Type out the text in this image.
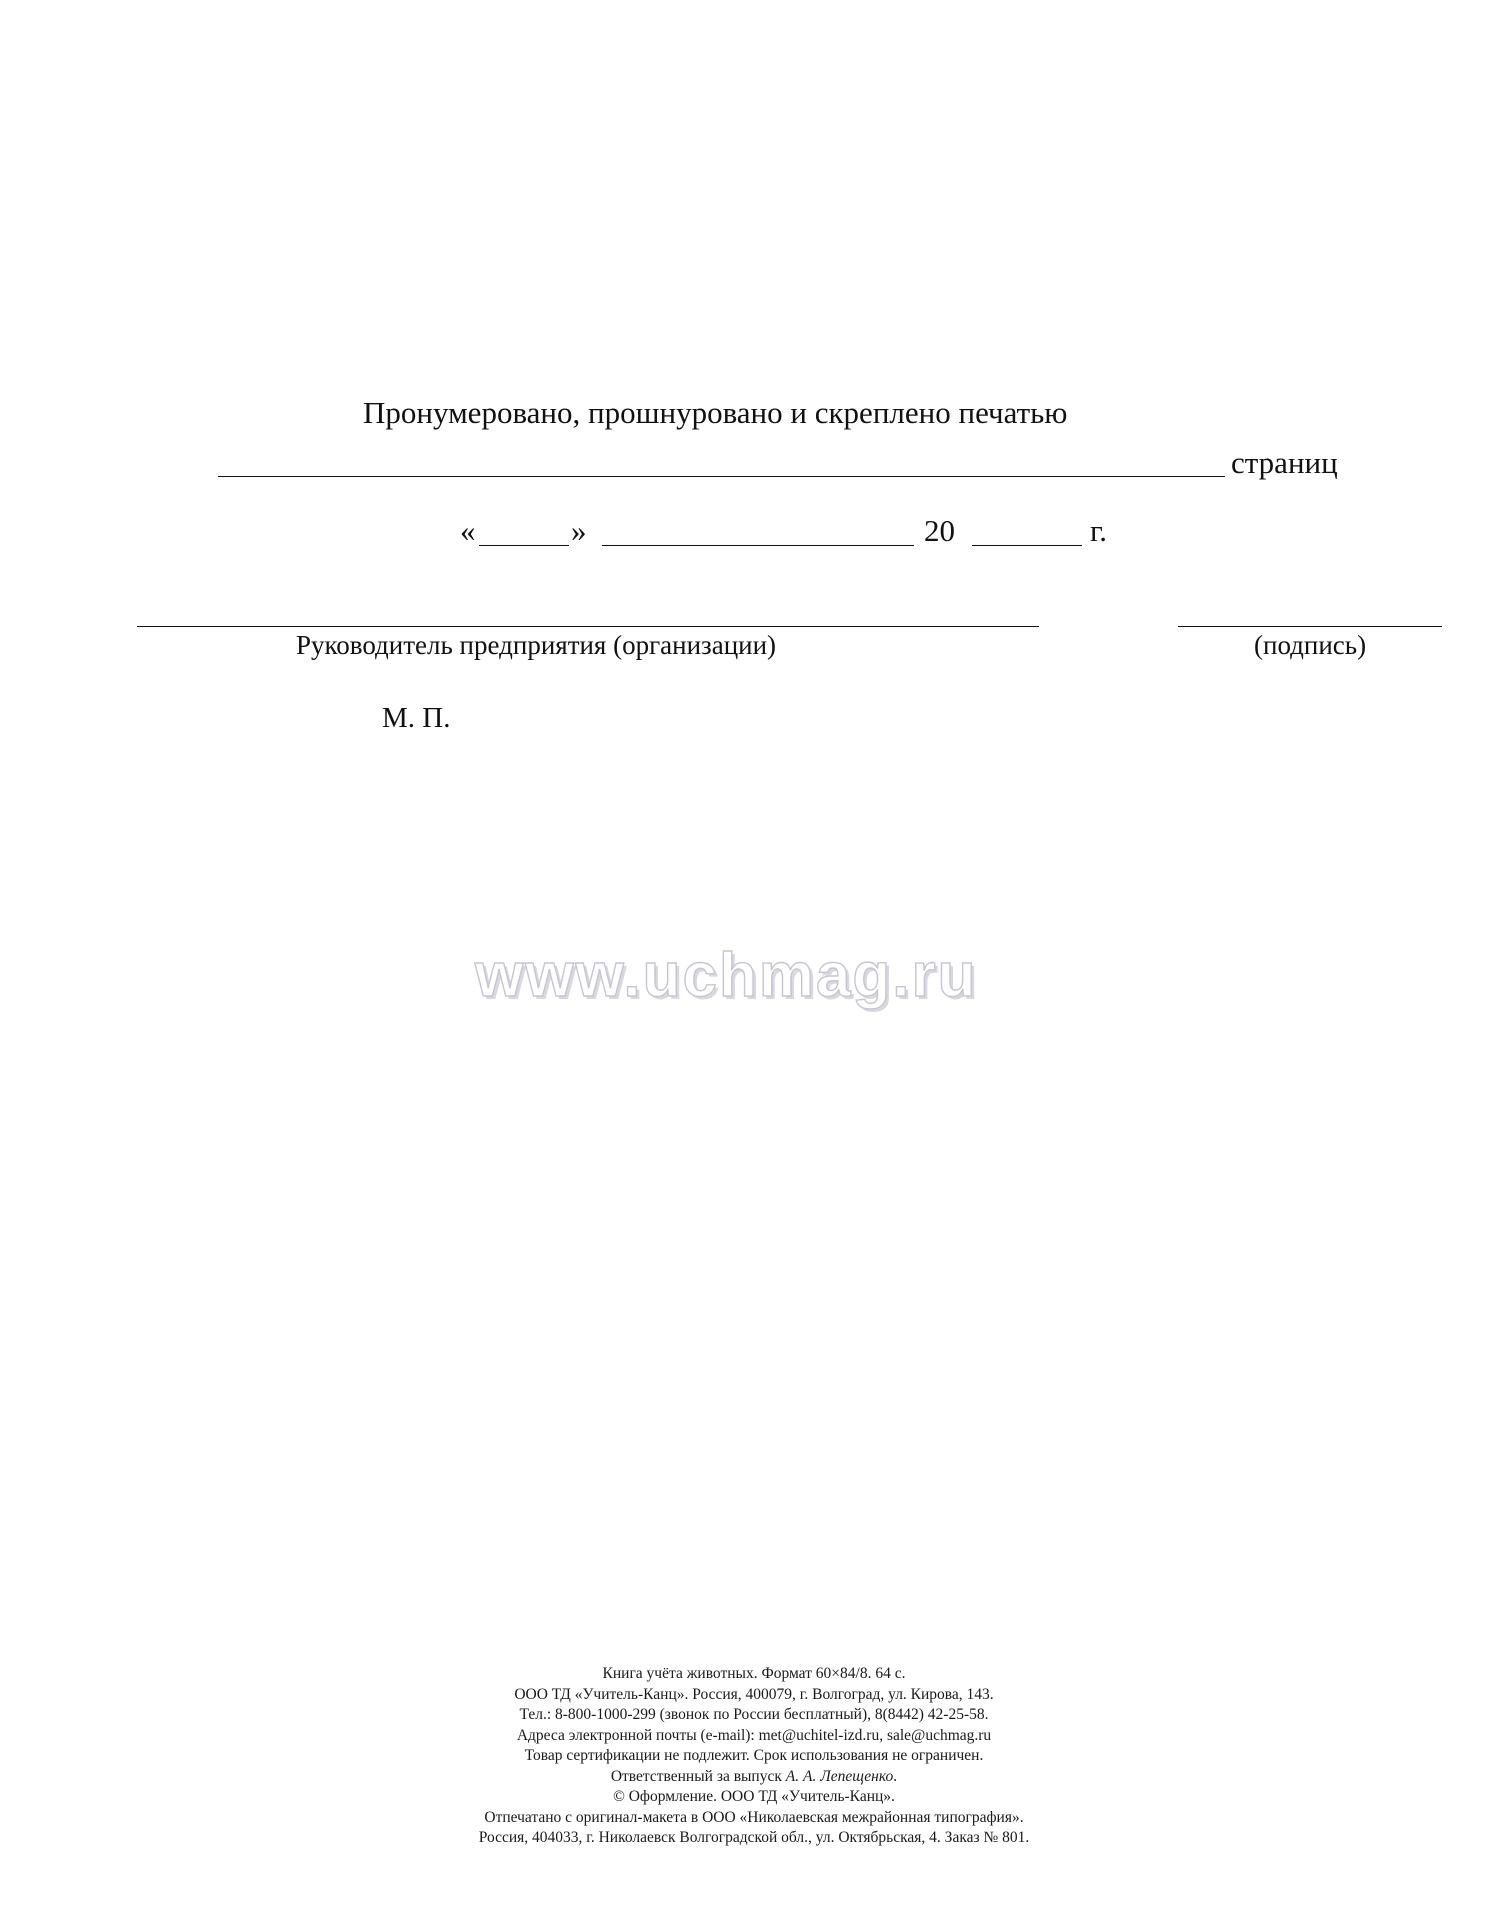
Пронумеровано, прошнуровано и скреплено печатью
страниц
«	»	20	г.
Руководитель предприятия (организации)	(подпись)
М. П.
www.uchmag.ru
Книга учёта животных. Формат 60×84/8. 64 с.
ООО ТД «Учитель-Канц». Россия, 400079, г. Волгоград, ул. Кирова, 143.
Тел.: 8-800-1000-299 (звонок по России бесплатный), 8(8442) 42-25-58.
Адреса электронной почты (e-mail): met@uchitel-izd.ru, sale@uchmag.ru
Товар сертификации не подлежит. Срок использования не ограничен.
Ответственный за выпуск А. А. Лепещенко.
© Оформление. ООО ТД «Учитель-Канц».
Отпечатано с оригинал-макета в ООО «Николаевская межрайонная типография».
Россия, 404033, г. Николаевск Волгоградской обл., ул. Октябрьская, 4. Заказ № 801.
